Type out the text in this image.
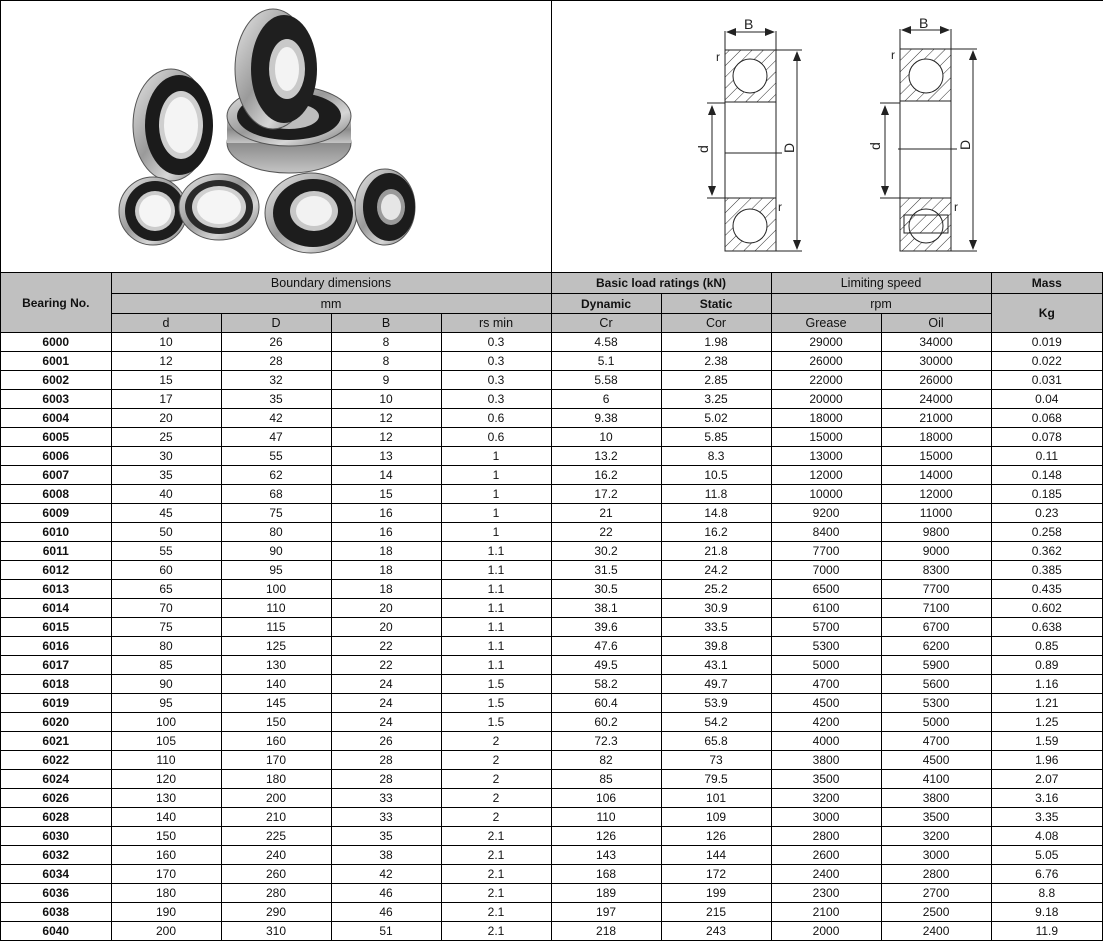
B
r
r
d	D
B
r
r
d	D
Bearing No.	Boundary dimensions				Basic load ratings (kN)		Limiting speed		Mass
	mm				Dynamic	Static	rpm		Kg
	d	D	B	rs min	Cr	Cor	Grease	Oil	
6000	10	26	8	0.3	4.58	1.98	29000	34000	0.019
6001	12	28	8	0.3	5.1	2.38	26000	30000	0.022
6002	15	32	9	0.3	5.58	2.85	22000	26000	0.031
6003	17	35	10	0.3	6	3.25	20000	24000	0.04
6004	20	42	12	0.6	9.38	5.02	18000	21000	0.068
6005	25	47	12	0.6	10	5.85	15000	18000	0.078
6006	30	55	13	1	13.2	8.3	13000	15000	0.11
6007	35	62	14	1	16.2	10.5	12000	14000	0.148
6008	40	68	15	1	17.2	11.8	10000	12000	0.185
6009	45	75	16	1	21	14.8	9200	11000	0.23
6010	50	80	16	1	22	16.2	8400	9800	0.258
6011	55	90	18	1.1	30.2	21.8	7700	9000	0.362
6012	60	95	18	1.1	31.5	24.2	7000	8300	0.385
6013	65	100	18	1.1	30.5	25.2	6500	7700	0.435
6014	70	110	20	1.1	38.1	30.9	6100	7100	0.602
6015	75	115	20	1.1	39.6	33.5	5700	6700	0.638
6016	80	125	22	1.1	47.6	39.8	5300	6200	0.85
6017	85	130	22	1.1	49.5	43.1	5000	5900	0.89
6018	90	140	24	1.5	58.2	49.7	4700	5600	1.16
6019	95	145	24	1.5	60.4	53.9	4500	5300	1.21
6020	100	150	24	1.5	60.2	54.2	4200	5000	1.25
6021	105	160	26	2	72.3	65.8	4000	4700	1.59
6022	110	170	28	2	82	73	3800	4500	1.96
6024	120	180	28	2	85	79.5	3500	4100	2.07
6026	130	200	33	2	106	101	3200	3800	3.16
6028	140	210	33	2	110	109	3000	3500	3.35
6030	150	225	35	2.1	126	126	2800	3200	4.08
6032	160	240	38	2.1	143	144	2600	3000	5.05
6034	170	260	42	2.1	168	172	2400	2800	6.76
6036	180	280	46	2.1	189	199	2300	2700	8.8
6038	190	290	46	2.1	197	215	2100	2500	9.18
6040	200	310	51	2.1	218	243	2000	2400	11.9
